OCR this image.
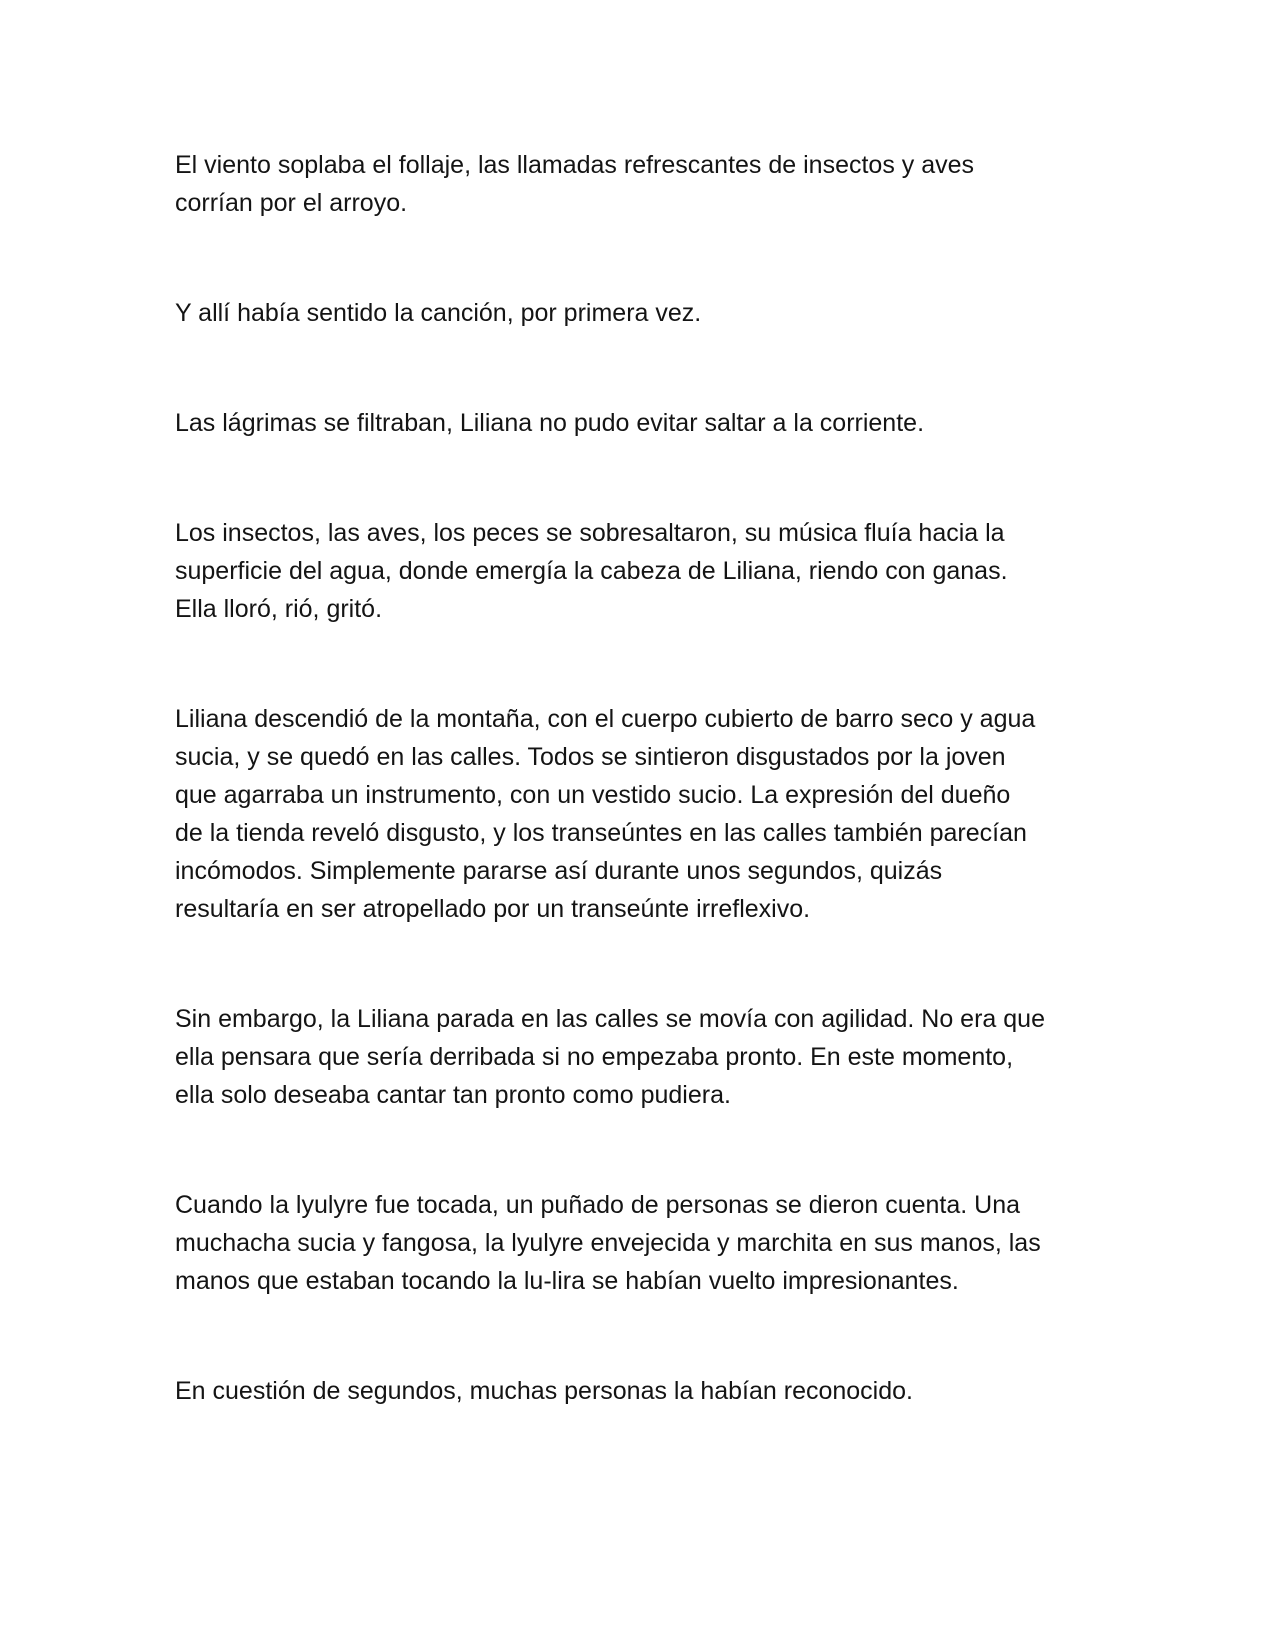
El viento soplaba el follaje, las llamadas refrescantes de insectos y aves
corrían por el arroyo.

Y allí había sentido la canción, por primera vez.

Las lágrimas se filtraban, Liliana no pudo evitar saltar a la corriente.

Los insectos, las aves, los peces se sobresaltaron, su música fluía hacia la
superficie del agua, donde emergía la cabeza de Liliana, riendo con ganas.
Ella lloró, rió, gritó.

Liliana descendió de la montaña, con el cuerpo cubierto de barro seco y agua
sucia, y se quedó en las calles. Todos se sintieron disgustados por la joven
que agarraba un instrumento, con un vestido sucio. La expresión del dueño
de la tienda reveló disgusto, y los transeúntes en las calles también parecían
incómodos. Simplemente pararse así durante unos segundos, quizás
resultaría en ser atropellado por un transeúnte irreflexivo.

Sin embargo, la Liliana parada en las calles se movía con agilidad. No era que
ella pensara que sería derribada si no empezaba pronto. En este momento,
ella solo deseaba cantar tan pronto como pudiera.

Cuando la lyulyre fue tocada, un puñado de personas se dieron cuenta. Una
muchacha sucia y fangosa, la lyulyre envejecida y marchita en sus manos, las
manos que estaban tocando la lu-lira se habían vuelto impresionantes.

En cuestión de segundos, muchas personas la habían reconocido.
